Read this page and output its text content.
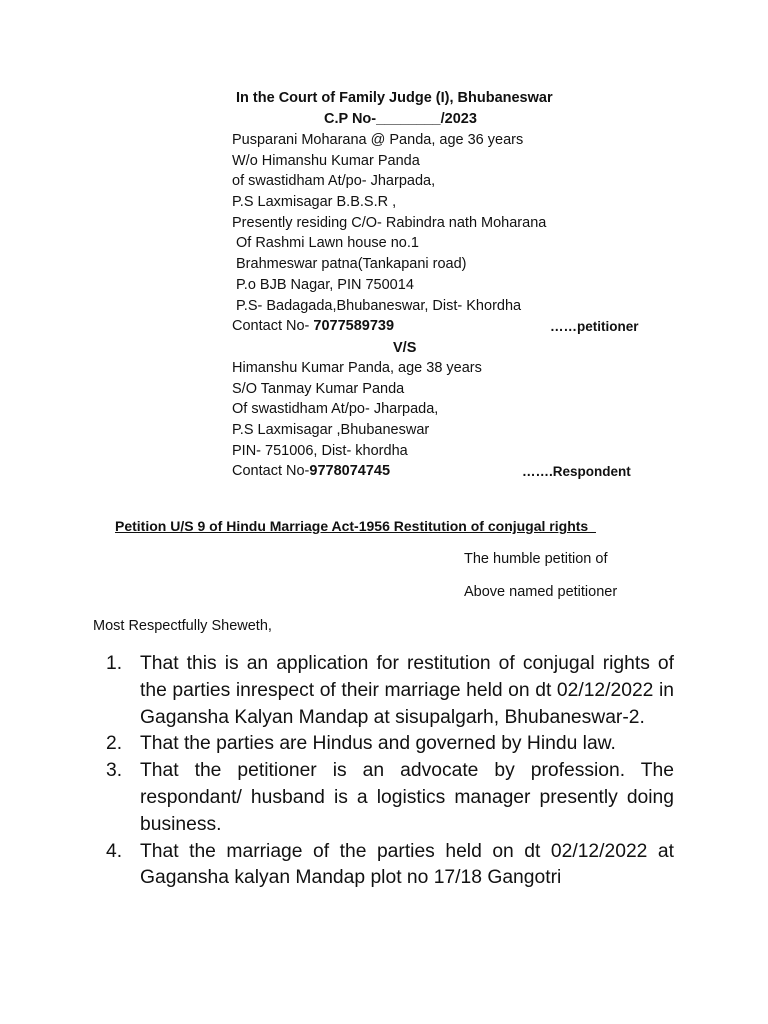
In the Court of Family Judge (I), Bhubaneswar
C.P No-________/2023
Pusparani Moharana @ Panda, age 36 years
W/o Himanshu Kumar Panda
of swastidham At/po- Jharpada,
P.S Laxmisagar B.B.S.R ,
Presently residing C/O- Rabindra nath Moharana
Of Rashmi Lawn house no.1
Brahmeswar patna(Tankapani road)
P.o BJB Nagar, PIN 750014
P.S- Badagada,Bhubaneswar, Dist- Khordha
Contact No- 7077589739	……petitioner
V/S
Himanshu Kumar Panda, age 38 years
S/O Tanmay Kumar Panda
Of swastidham At/po- Jharpada,
P.S Laxmisagar ,Bhubaneswar
PIN- 751006, Dist- khordha
Contact No-9778074745	…….Respondent
Petition U/S 9 of Hindu Marriage Act-1956 Restitution of conjugal rights
The humble petition of
Above named petitioner
Most Respectfully Sheweth,
1. That this is an application for restitution of conjugal rights of the parties inrespect of their marriage held on dt 02/12/2022 in Gagansha Kalyan Mandap at sisupalgarh, Bhubaneswar-2.
2. That the parties are Hindus and governed by Hindu law.
3. That the petitioner is an advocate by profession. The respondant/ husband is a logistics manager presently doing business.
4. That the marriage of the parties held on dt 02/12/2022 at Gagansha kalyan Mandap plot no 17/18 Gangotri
